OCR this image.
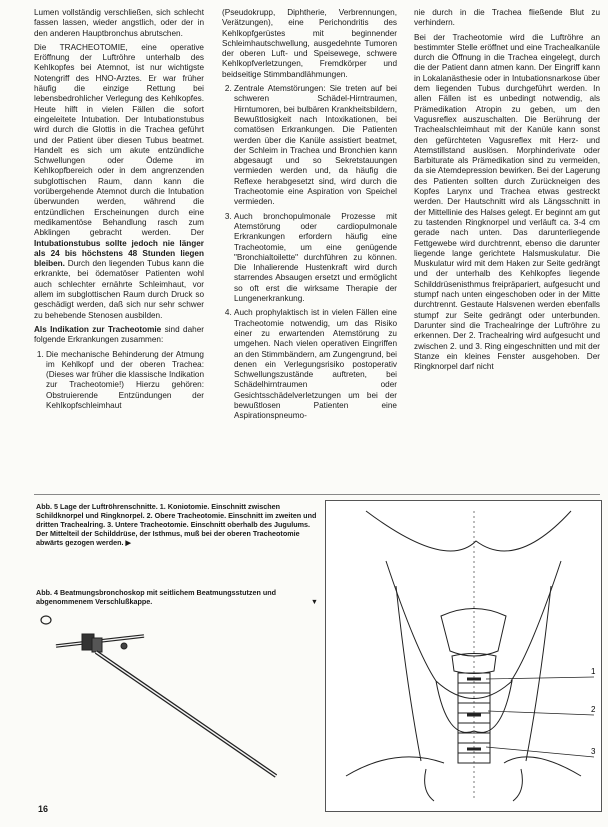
Lumen vollständig verschließen, sich schlecht fassen lassen, wieder angstlich, oder der in den anderen Hauptbronchus abrutschen.

Die TRACHEOTOMIE, eine operative Eröffnung der Luftröhre unterhalb des Kehlkopfes bei Atemnot, ist nur wichtigste Notengriff des HNO-Arztes. Er war früher häufig die einzige Rettung bei lebensbedrohlicher Verlegung des Kehlkopfes. Heute hilft in vielen Fällen die sofort eingeleitete Intubation. Der Intubationstubus wird durch die Glottis in die Trachea geführt und der Patient über diesen Tubus beatmet. Handelt es sich um akute entzündliche Schwellungen oder Ödeme im Kehlkopfbereich oder in dem angrenzenden subglottischen Raum, dann kann die vorübergehende Atemnot durch die Intubation überwunden werden, während die entzündlichen Erscheinungen durch eine medikamentöse Behandlung rasch zum Abklingen gebracht werden. Der Intubationstubus sollte jedoch nie länger als 24 bis höchstens 48 Stunden liegen bleiben. Durch den liegenden Tubus kann die erkrankte, bei ödematöser Patienten wohl auch schlechter ernährte Schleimhaut, vor allem im subglottischen Raum durch Druck so geschädigt werden, daß sich nur sehr schwer zu behebende Stenosen ausbilden.

Als Indikation zur Tracheotomie sind daher folgende Erkrankungen zusammen:

1. Die mechanische Behinderung der Atmung im Kehlkopf und der oberen Trachea: (Dieses war früher die klassische Indikation zur Tracheotomie!) Hierzu gehören: Obstruierende Entzündungen der Kehlkopfschleimhaut

(Pseudokrupp, Diphtherie, Verbrennungen, Verätzungen), eine Perichondritis des Kehlkopfgerüstes mit beginnender Schleimhautschwellung, ausgedehnte Tumoren der oberen Luft- und Speisewege, schwere Kehlkopfverletzungen, Fremdkörper und beidseitige Stimmbandlähmungen.

2. Zentrale Atemstörungen: Sie treten auf bei schweren Schädel-Hirntraumen, Hirntumoren, bei bulbären Krankheitsbildern, Bewußtlosigkeit nach Intoxikationen, bei comatösen Erkrankungen. Die Patienten werden über die Kanüle assistiert beatmet, der Schleim in Trachea und Bronchien kann abgesaugt und so Sekretstauungen vermieden werden und, da häufig die Reflexe herabgesetzt sind, wird durch die Tracheotomie eine Aspiration von Speichel vermieden.
3. Auch bronchopulmonale Prozesse mit Atemstörung oder cardiopulmonale Erkrankungen erfordern häufig eine Tracheotomie, um eine genügende "Bronchialtoilette" durchführen zu können. Die Inhalierende Hustenkraft wird durch starrendes Absaugen ersetzt und ermöglicht so oft erst die wirksame Therapie der Lungenerkrankung.
4. Auch prophylaktisch ist in vielen Fällen eine Tracheotomie notwendig, um das Risiko einer zu erwartenden Atemstörung zu umgehen. Nach vielen operativen Eingriffen an den Stimmbändern, am Zungengrund, bei denen ein Verlegungsrisiko postoperativ Schwellungszustände auftreten, bei Schädelhirntraumen oder Gesichtsschädelverletzungen um bei der bewußtlosen Patienten eine Aspirationspneumo-

nie durch in die Trachea fließende Blut zu verhindern.

Bei der Tracheotomie wird die Luftröhre an bestimmter Stelle eröffnet und eine Trachealkanüle durch die Öffnung in die Trachea eingelegt, durch die der Patient dann atmen kann. Der Eingriff kann in Lokalanästhesie oder in Intubationsnarkose über dem liegenden Tubus durchgeführt werden. In allen Fällen ist es unbedingt notwendig, als Prämedikation Atropin zu geben, um den Vagusreflex auszuschalten. Die Berührung der Trachealschleimhaut mit der Kanüle kann sonst den gefürchteten Vagusreflex mit Herz- und Atemstillstand auslösen. Morphinderivate oder Barbiturate als Prämedikation sind zu vermeiden, da sie Atemdepression bewirken. Bei der Lagerung des Patienten sollten durch Zurückneigen des Kopfes Larynx und Trachea etwas gestreckt werden. Der Hautschnitt wird als Längsschnitt in der Mittellinie des Halses gelegt. Er beginnt am gut zu tastenden Ringknorpel und verläuft ca. 3-4 cm gerade nach unten. Das darunterliegende Fettgewebe wird durchtrennt, ebenso die darunter liegende lange gerichtete Halsmuskulatur. Die Muskulatur wird mit dem Haken zur Seite gedrängt und der unterhalb des Kehlkopfes liegende Schilddrüsenisthmus freipräpariert, aufgesucht und stumpf nach unten eingeschoben oder in der Mitte durchtrennt. Gestaute Halsvenen werden ebenfalls stumpf zur Seite gedrängt oder unterbunden. Darunter sind die Trachealringe der Luftröhre zu erkennen. Der 2. Trachealring wird aufgesucht und zwischen 2. und 3. Ring eingeschnitten und mit der Stanze ein kleines Fenster ausgehoben. Der Ringknorpel darf nicht

Abb. 5 Lage der Luftröhrenschnitte. 1. Koniotomie. Einschnitt zwischen Schildknorpel und Ringknorpel. 2. Obere Tracheotomie. Einschnitt im zweiten und dritten Trachealring. 3. Untere Tracheotomie. Einschnitt oberhalb des Jugulums. Der Mittelteil der Schilddrüse, der Isthmus, muß bei der oberen Tracheotomie abwärts gezogen werden. ▶
Abb. 4 Beatmungsbronchoskop mit seitlichem Beatmungsstutzen und abgenommenem Verschlußkappe.	▼
1
2
3
16
